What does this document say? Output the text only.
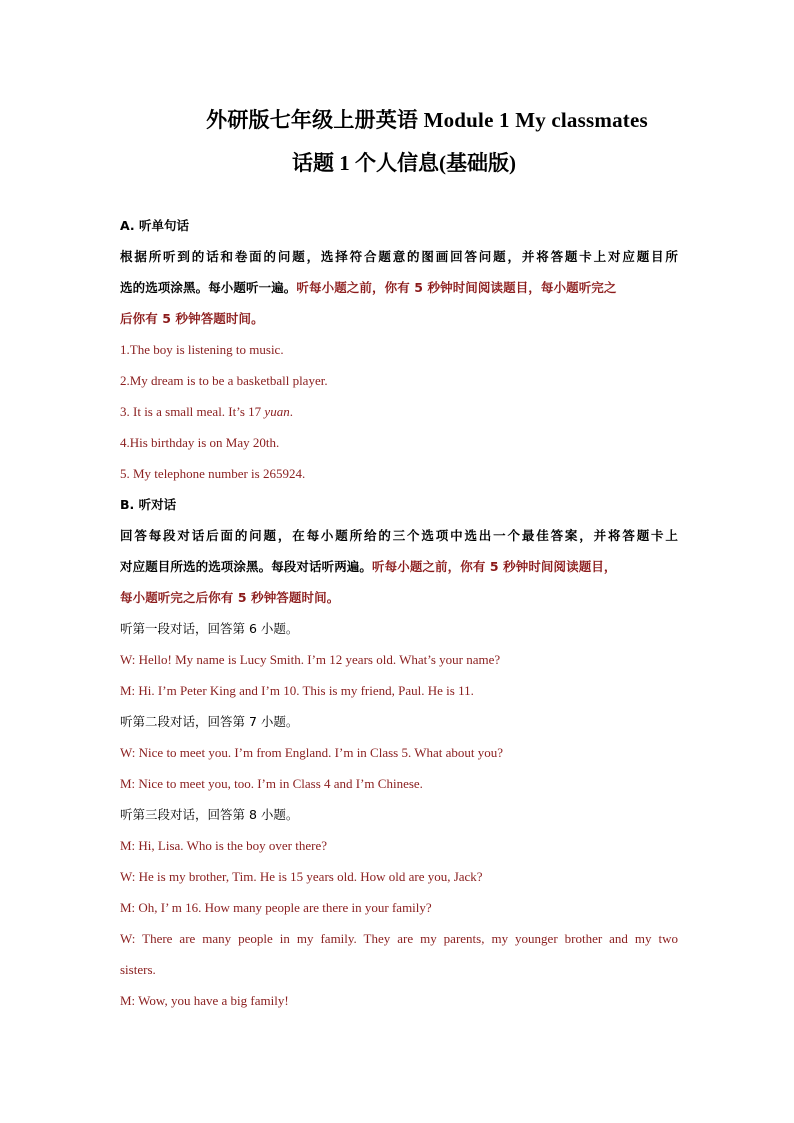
外研版七年级上册英语 Module 1 My classmates
话题 1 个人信息(基础版)
A. 听单句话
根据所听到的话和卷面的问题，选择符合题意的图画回答问题，并将答题卡上对应题目所
选的选项涂黑。每小题听一遍。听每小题之前，你有 5 秒钟时间阅读题目，每小题听完之
后你有 5 秒钟答题时间。
1.The boy is listening to music.
2.My dream is to be a basketball player.
3. It is a small meal. It’s 17 yuan.
4.His birthday is on May 20th.
5. My telephone number is 265924.
B. 听对话
回答每段对话后面的问题，在每小题所给的三个选项中选出一个最佳答案，并将答题卡上
对应题目所选的选项涂黑。每段对话听两遍。听每小题之前，你有 5 秒钟时间阅读题目，
每小题听完之后你有 5 秒钟答题时间。
听第一段对话，回答第 6 小题。
W: Hello! My name is Lucy Smith. I’m 12 years old. What’s your name?
M: Hi. I’m Peter King and I’m 10. This is my friend, Paul. He is 11.
听第二段对话，回答第 7 小题。
W: Nice to meet you. I’m from England. I’m in Class 5. What about you?
M: Nice to meet you, too. I’m in Class 4 and I’m Chinese.
听第三段对话，回答第 8 小题。
M: Hi, Lisa. Who is the boy over there?
W: He is my brother, Tim. He is 15 years old. How old are you, Jack?
M: Oh, I’ m 16. How many people are there in your family?
W: There are many people in my family. They are my parents, my younger brother and my two
sisters.
M: Wow, you have a big family!
